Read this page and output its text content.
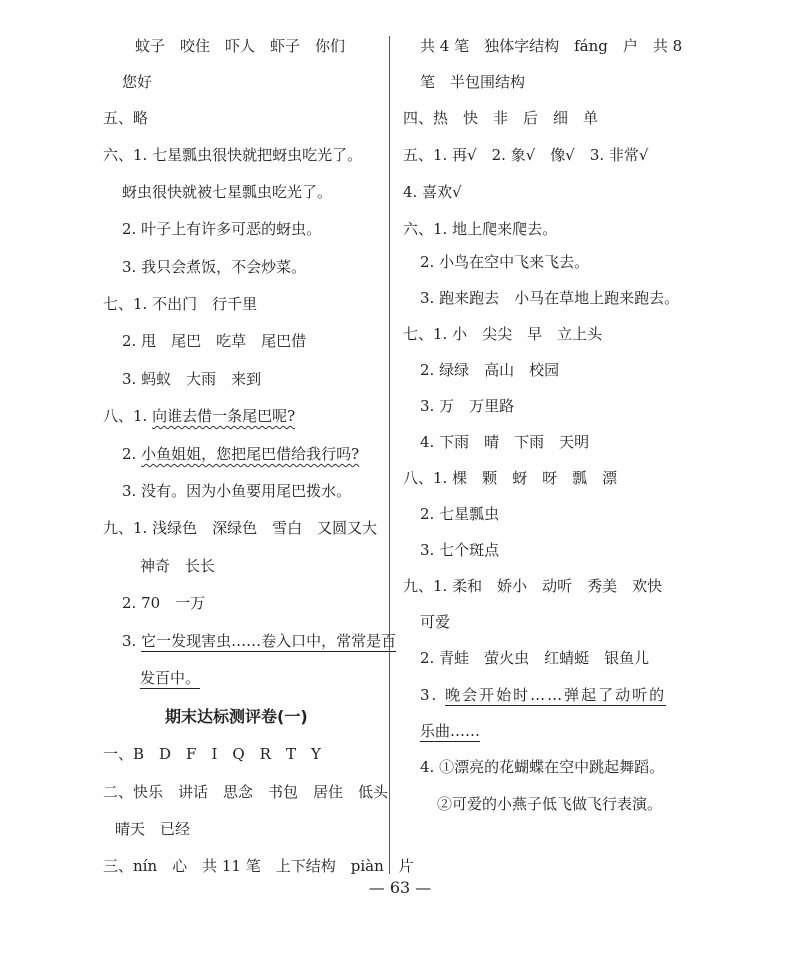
蚊子　咬住　吓人　虾子　你们
您好
五、略
六、1. 七星瓢虫很快就把蚜虫吃光了。
蚜虫很快就被七星瓢虫吃光了。
2. 叶子上有许多可恶的蚜虫。
3. 我只会煮饭，不会炒菜。
七、1. 不出门　行千里
2. 甩　尾巴　吃草　尾巴借
3. 蚂蚁　大雨　来到
八、1. 向谁去借一条尾巴呢?
2. 小鱼姐姐，您把尾巴借给我行吗?
3. 没有。因为小鱼要用尾巴拨水。
九、1. 浅绿色　深绿色　雪白　又圆又大
神奇　长长
2. 70　一万
3. 它一发现害虫……卷入口中，常常是百
发百中。
期末达标测评卷(一)
一、B　D　F　I　Q　R　T　Y
二、快乐　讲话　思念　书包　居住　低头
晴天　已经
三、nín　心　共 11 笔　上下结构　piàn　片
共 4 笔　独体字结构　fáng　户　共 8
笔　半包围结构
四、热　快　非　后　细　单
五、1. 再√　2. 象√　像√　3. 非常√
4. 喜欢√
六、1. 地上爬来爬去。
2. 小鸟在空中飞来飞去。
3. 跑来跑去　小马在草地上跑来跑去。
七、1. 小　尖尖　早　立上头
2. 绿绿　高山　校园
3. 万　万里路
4. 下雨　晴　下雨　天明
八、1. 棵　颗　蚜　呀　瓢　漂
2. 七星瓢虫
3. 七个斑点
九、1. 柔和　娇小　动听　秀美　欢快
可爱
2. 青蛙　萤火虫　红蜻蜓　银鱼儿
3. 晚会开始时……弹起了动听的
乐曲……
4. ①漂亮的花蝴蝶在空中跳起舞蹈。
②可爱的小燕子低飞做飞行表演。
— 63 —
